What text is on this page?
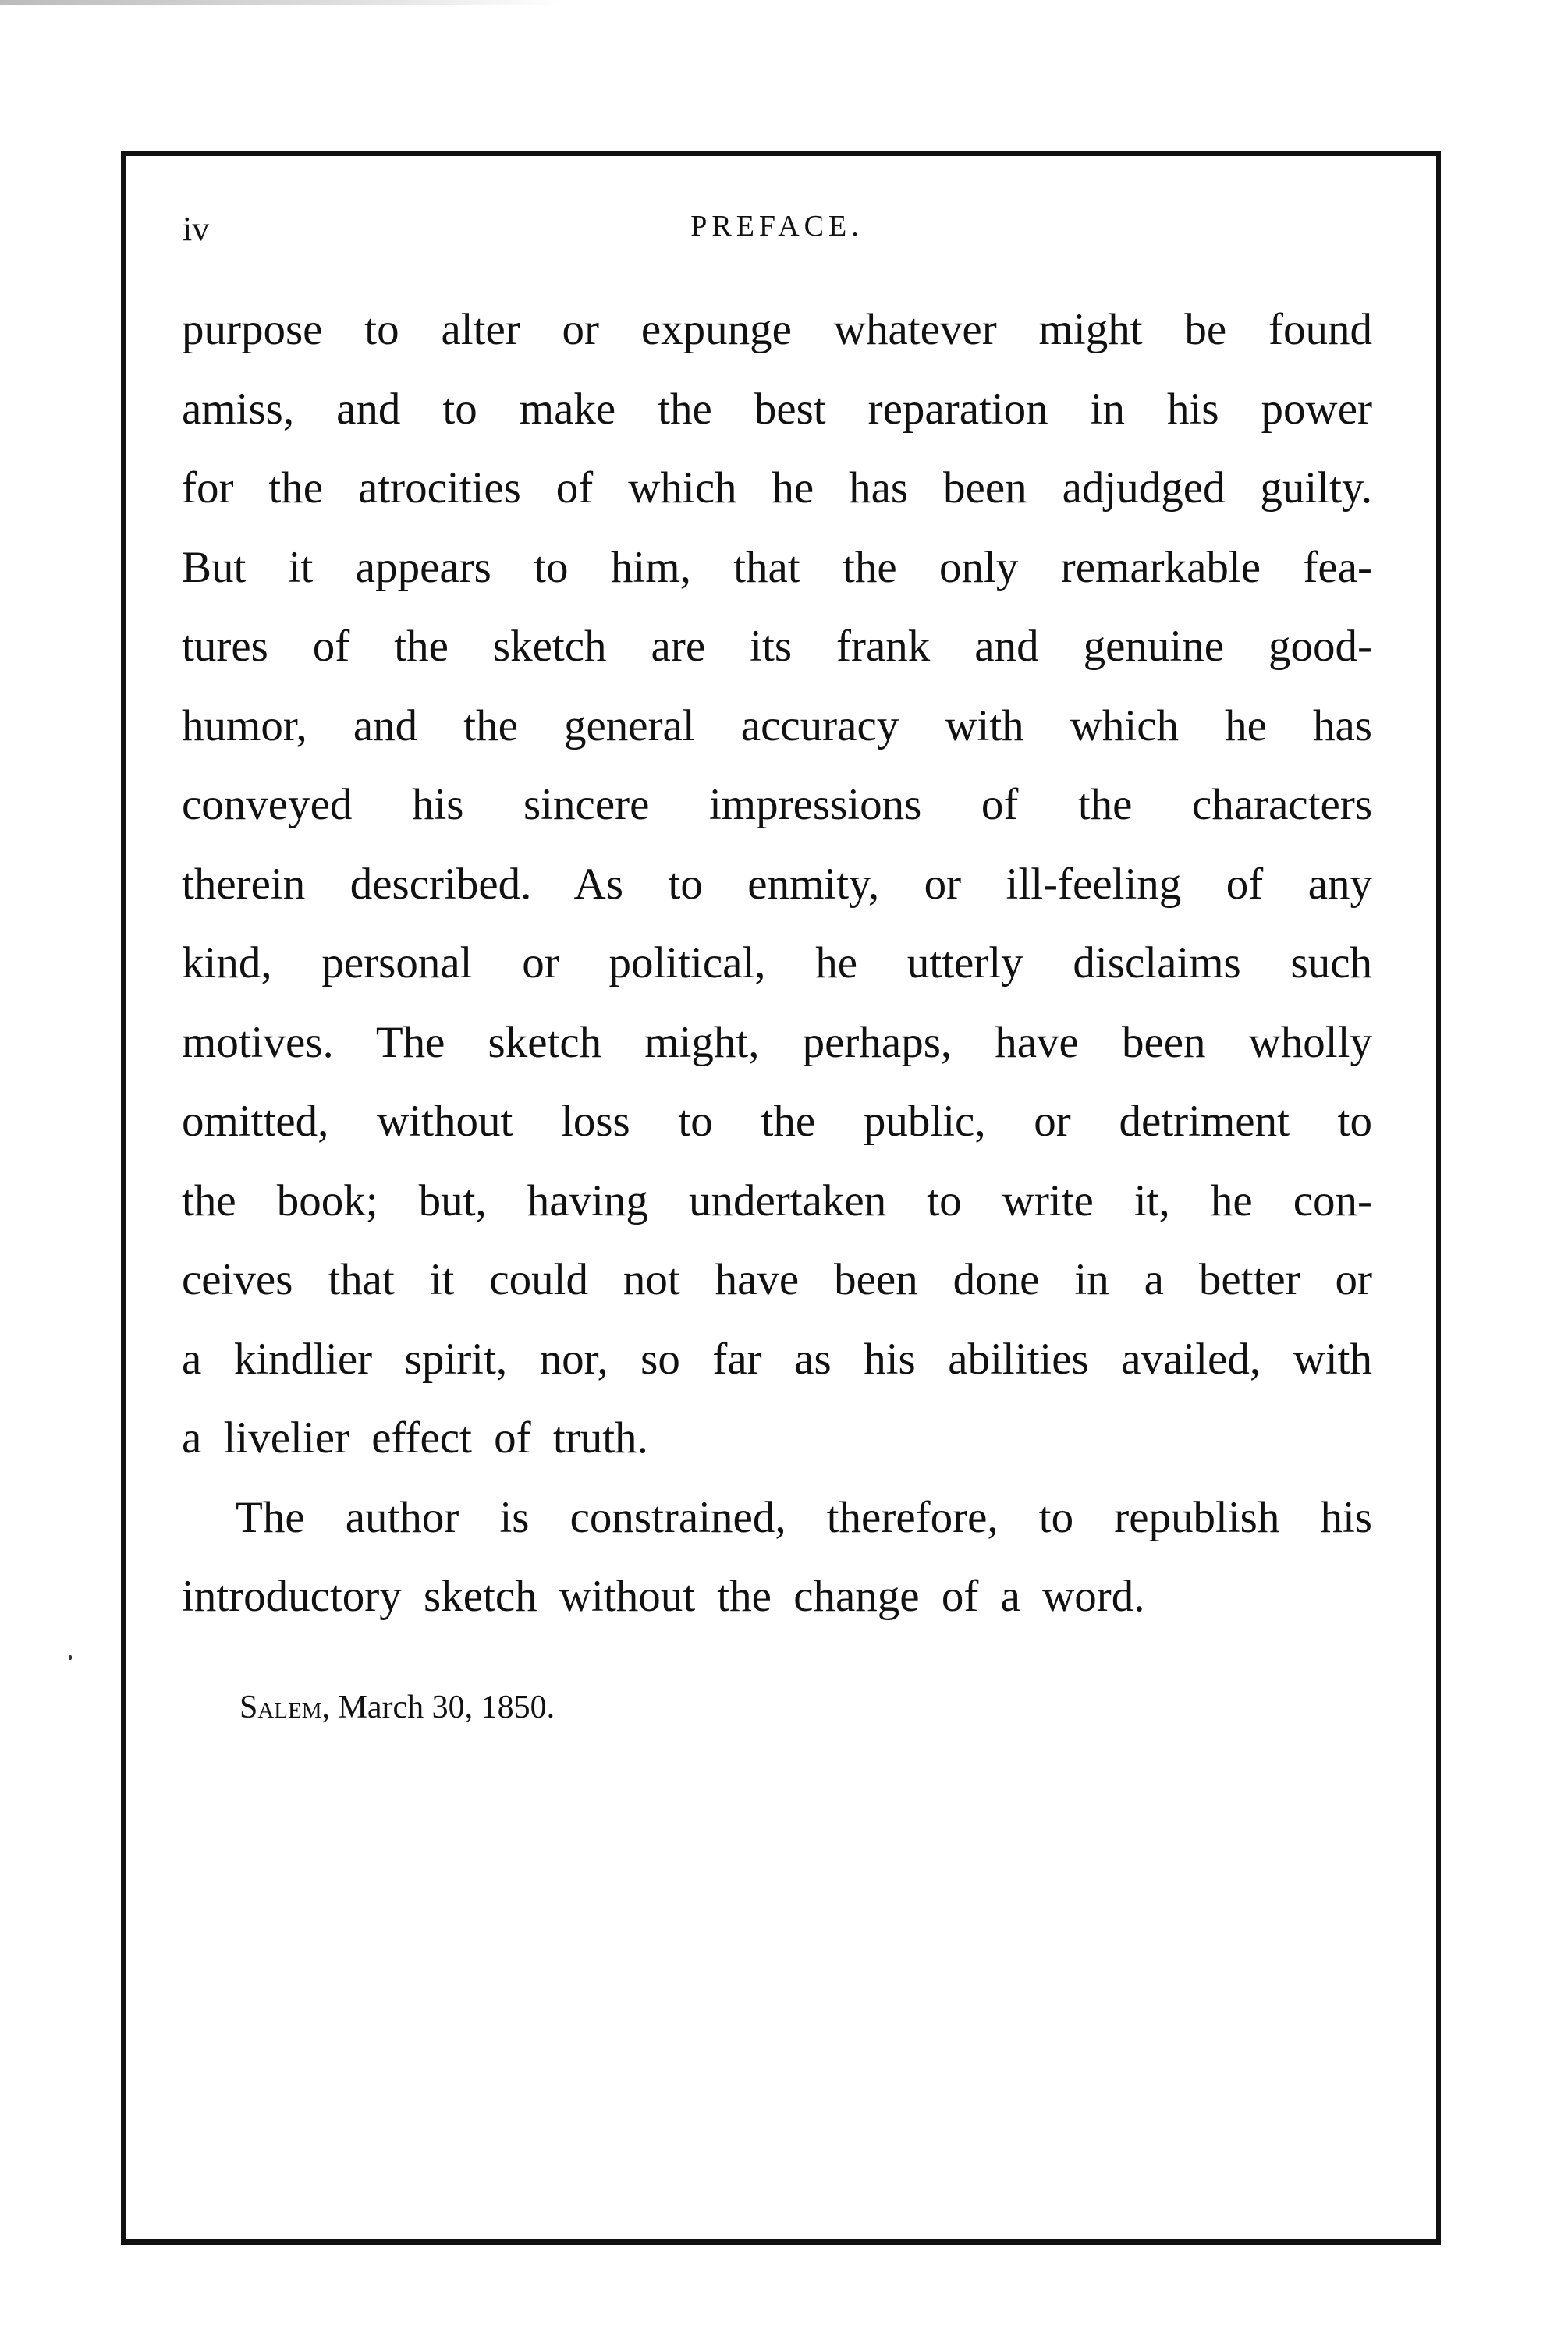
iv	PREFACE.
purpose to alter or expunge whatever might be found
amiss, and to make the best reparation in his power
for the atrocities of which he has been adjudged guilty.
But it appears to him, that the only remarkable fea-
tures of the sketch are its frank and genuine good-
humor, and the general accuracy with which he has
conveyed his sincere impressions of the characters
therein described. As to enmity, or ill-feeling of any
kind, personal or political, he utterly disclaims such
motives. The sketch might, perhaps, have been wholly
omitted, without loss to the public, or detriment to
the book; but, having undertaken to write it, he con-
ceives that it could not have been done in a better or
a kindlier spirit, nor, so far as his abilities availed, with
a livelier effect of truth.
The author is constrained, therefore, to republish his
introductory sketch without the change of a word.
Salem, March 30, 1850.
